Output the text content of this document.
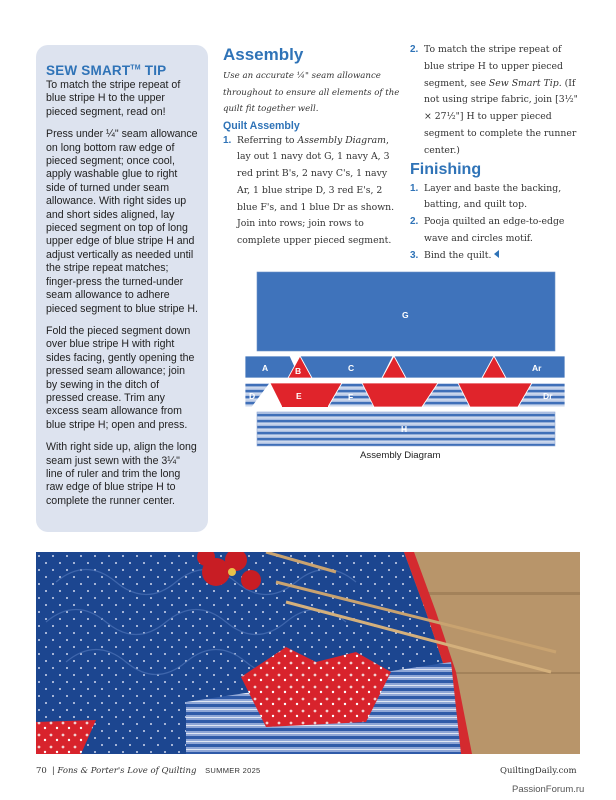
SEW SMART™ TIP

To match the stripe repeat of blue stripe H to the upper pieced segment, read on!

Press under ¼" seam allowance on long bottom raw edge of pieced segment; once cool, apply washable glue to right side of turned under seam allowance. With right sides up and short sides aligned, lay pieced segment on top of long upper edge of blue stripe H and adjust vertically as needed until the stripe repeat matches; finger-press the turned-under seam allowance to adhere pieced segment to blue stripe H.

Fold the pieced segment down over blue stripe H with right sides facing, gently opening the pressed seam allowance; join by sewing in the ditch of pressed crease. Trim any excess seam allowance from blue stripe H; open and press.

With right side up, align the long seam just sewn with the 3¼" line of ruler and trim the long raw edge of blue stripe H to complete the runner center.

Assembly
Use an accurate ¼" seam allowance throughout to ensure all elements of the quilt fit together well.
Quilt Assembly
1. Referring to Assembly Diagram, lay out 1 navy dot G, 1 navy A, 3 red print B's, 2 navy C's, 1 navy Ar, 1 blue stripe D, 3 red E's, 2 blue F's, and 1 blue Dr as shown. Join into rows; join rows to complete upper pieced segment.
2. To match the stripe repeat of blue stripe H to upper pieced segment, see Sew Smart Tip. (If not using stripe fabric, join [3½" × 27½"] H to upper pieced segment to complete the runner center.)
Finishing
1. Layer and baste the backing, batting, and quilt top.
2. Pooja quilted an edge-to-edge wave and circles motif.
3. Bind the quilt.
G
A	B	C	Ar
D	E	F	Dr
H
Assembly Diagram
70 | Fons & Porter's Love of Quilting SUMMER 2025	QuiltingDaily.com
PassionForum.ru
